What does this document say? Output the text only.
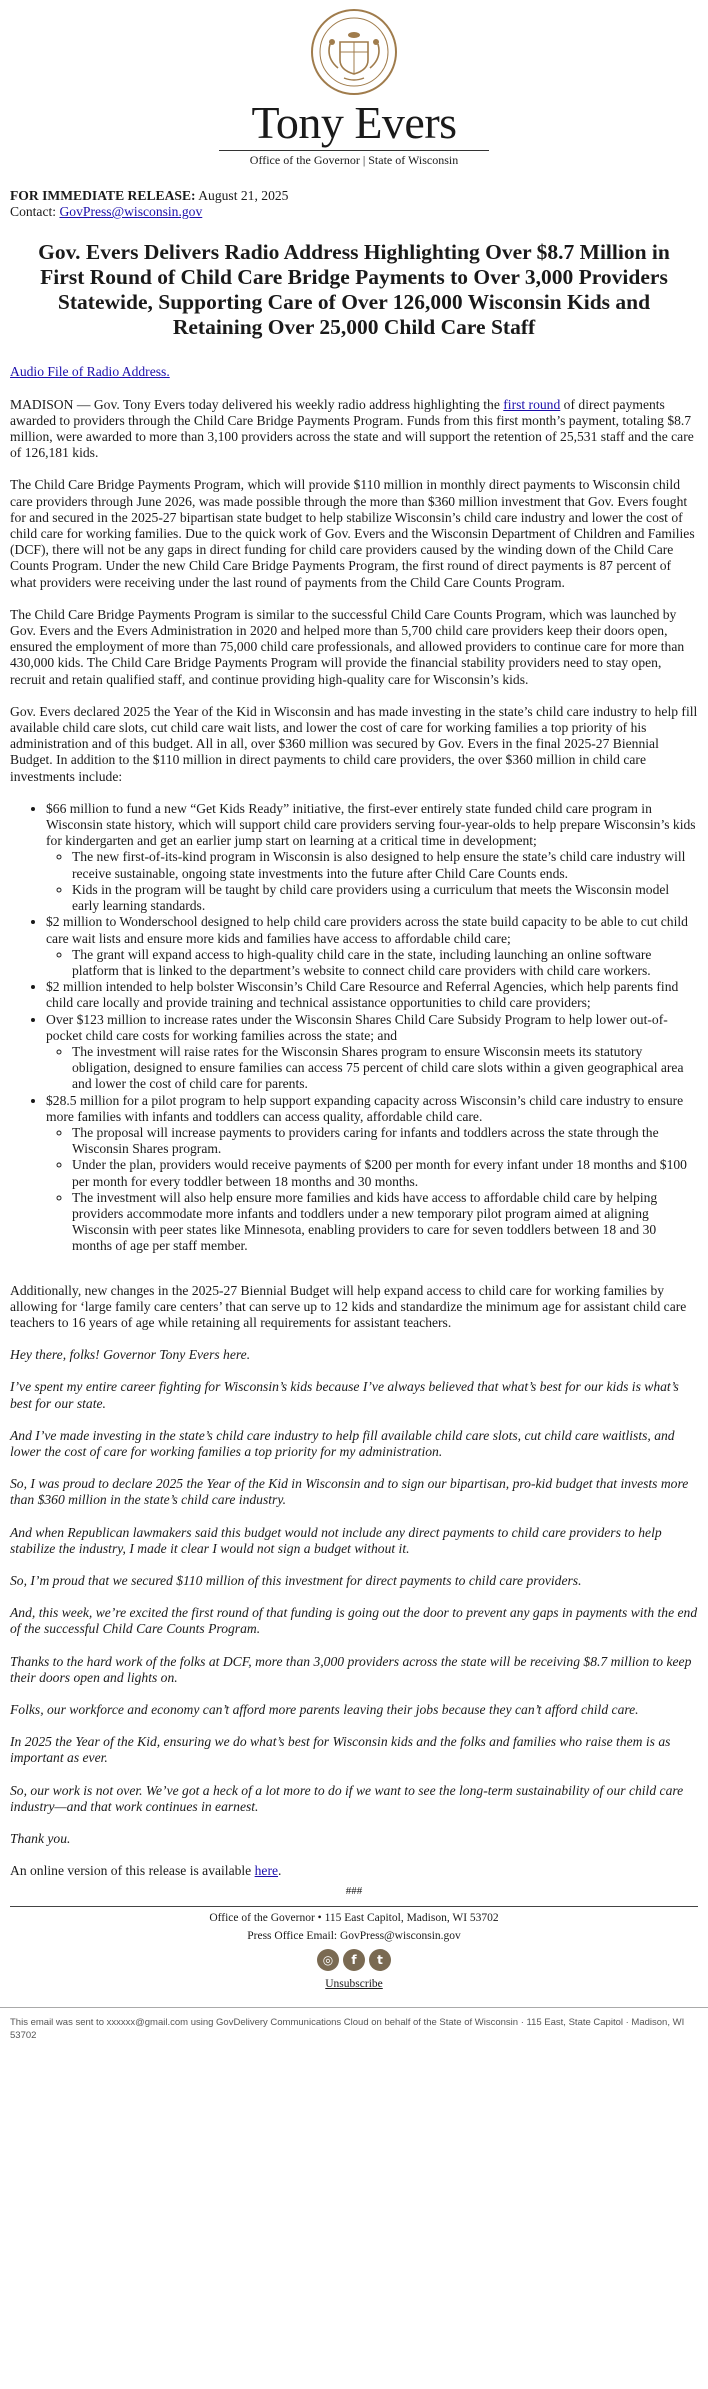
Tony Evers
Office of the Governor | State of Wisconsin
FOR IMMEDIATE RELEASE: August 21, 2025
Contact: GovPress@wisconsin.gov
Gov. Evers Delivers Radio Address Highlighting Over $8.7 Million in First Round of Child Care Bridge Payments to Over 3,000 Providers Statewide, Supporting Care of Over 126,000 Wisconsin Kids and Retaining Over 25,000 Child Care Staff

Audio File of Radio Address.

MADISON — Gov. Tony Evers today delivered his weekly radio address highlighting the first round of direct payments awarded to providers through the Child Care Bridge Payments Program. Funds from this first month’s payment, totaling $8.7 million, were awarded to more than 3,100 providers across the state and will support the retention of 25,531 staff and the care of 126,181 kids.

The Child Care Bridge Payments Program, which will provide $110 million in monthly direct payments to Wisconsin child care providers through June 2026, was made possible through the more than $360 million investment that Gov. Evers fought for and secured in the 2025-27 bipartisan state budget to help stabilize Wisconsin’s child care industry and lower the cost of child care for working families. Due to the quick work of Gov. Evers and the Wisconsin Department of Children and Families (DCF), there will not be any gaps in direct funding for child care providers caused by the winding down of the Child Care Counts Program. Under the new Child Care Bridge Payments Program, the first round of direct payments is 87 percent of what providers were receiving under the last round of payments from the Child Care Counts Program.

The Child Care Bridge Payments Program is similar to the successful Child Care Counts Program, which was launched by Gov. Evers and the Evers Administration in 2020 and helped more than 5,700 child care providers keep their doors open, ensured the employment of more than 75,000 child care professionals, and allowed providers to continue care for more than 430,000 kids. The Child Care Bridge Payments Program will provide the financial stability providers need to stay open, recruit and retain qualified staff, and continue providing high-quality care for Wisconsin’s kids.

Gov. Evers declared 2025 the Year of the Kid in Wisconsin and has made investing in the state’s child care industry to help fill available child care slots, cut child care wait lists, and lower the cost of care for working families a top priority of his administration and of this budget. All in all, over $360 million was secured by Gov. Evers in the final 2025-27 Biennial Budget. In addition to the $110 million in direct payments to child care providers, the over $360 million in child care investments include:

• $66 million to fund a new “Get Kids Ready” initiative, the first-ever entirely state funded child care program in Wisconsin state history, which will support child care providers serving four-year-olds to help prepare Wisconsin’s kids for kindergarten and get an earlier jump start on learning at a critical time in development;
◦ The new first-of-its-kind program in Wisconsin is also designed to help ensure the state’s child care industry will receive sustainable, ongoing state investments into the future after Child Care Counts ends.
◦ Kids in the program will be taught by child care providers using a curriculum that meets the Wisconsin model early learning standards.
• $2 million to Wonderschool designed to help child care providers across the state build capacity to be able to cut child care wait lists and ensure more kids and families have access to affordable child care;
◦ The grant will expand access to high-quality child care in the state, including launching an online software platform that is linked to the department’s website to connect child care providers with child care workers.
• $2 million intended to help bolster Wisconsin’s Child Care Resource and Referral Agencies, which help parents find child care locally and provide training and technical assistance opportunities to child care providers;
• Over $123 million to increase rates under the Wisconsin Shares Child Care Subsidy Program to help lower out-of-pocket child care costs for working families across the state; and
◦ The investment will raise rates for the Wisconsin Shares program to ensure Wisconsin meets its statutory obligation, designed to ensure families can access 75 percent of child care slots within a given geographical area and lower the cost of child care for parents.
• $28.5 million for a pilot program to help support expanding capacity across Wisconsin’s child care industry to ensure more families with infants and toddlers can access quality, affordable child care.
◦ The proposal will increase payments to providers caring for infants and toddlers across the state through the Wisconsin Shares program.
◦ Under the plan, providers would receive payments of $200 per month for every infant under 18 months and $100 per month for every toddler between 18 months and 30 months.
◦ The investment will also help ensure more families and kids have access to affordable child care by helping providers accommodate more infants and toddlers under a new temporary pilot program aimed at aligning Wisconsin with peer states like Minnesota, enabling providers to care for seven toddlers between 18 and 30 months of age per staff member.

Additionally, new changes in the 2025-27 Biennial Budget will help expand access to child care for working families by allowing for ‘large family care centers’ that can serve up to 12 kids and standardize the minimum age for assistant child care teachers to 16 years of age while retaining all requirements for assistant teachers.

Hey there, folks! Governor Tony Evers here.

I’ve spent my entire career fighting for Wisconsin’s kids because I’ve always believed that what’s best for our kids is what’s best for our state.

And I’ve made investing in the state’s child care industry to help fill available child care slots, cut child care waitlists, and lower the cost of care for working families a top priority for my administration.

So, I was proud to declare 2025 the Year of the Kid in Wisconsin and to sign our bipartisan, pro-kid budget that invests more than $360 million in the state’s child care industry.

And when Republican lawmakers said this budget would not include any direct payments to child care providers to help stabilize the industry, I made it clear I would not sign a budget without it.

So, I’m proud that we secured $110 million of this investment for direct payments to child care providers.

And, this week, we’re excited the first round of that funding is going out the door to prevent any gaps in payments with the end of the successful Child Care Counts Program.

Thanks to the hard work of the folks at DCF, more than 3,000 providers across the state will be receiving $8.7 million to keep their doors open and lights on.

Folks, our workforce and economy can’t afford more parents leaving their jobs because they can’t afford child care.

In 2025 the Year of the Kid, ensuring we do what’s best for Wisconsin kids and the folks and families who raise them is as important as ever.

So, our work is not over. We’ve got a heck of a lot more to do if we want to see the long-term sustainability of our child care industry—and that work continues in earnest.

Thank you.

An online version of this release is available here.

###
Office of the Governor • 115 East Capitol, Madison, WI 53702
Press Office Email: GovPress@wisconsin.gov
◎	f	t
Unsubscribe
This email was sent to xxxxxx@gmail.com using GovDelivery Communications Cloud on behalf of the State of Wisconsin · 115 East, State Capitol · Madison, WI 53702
